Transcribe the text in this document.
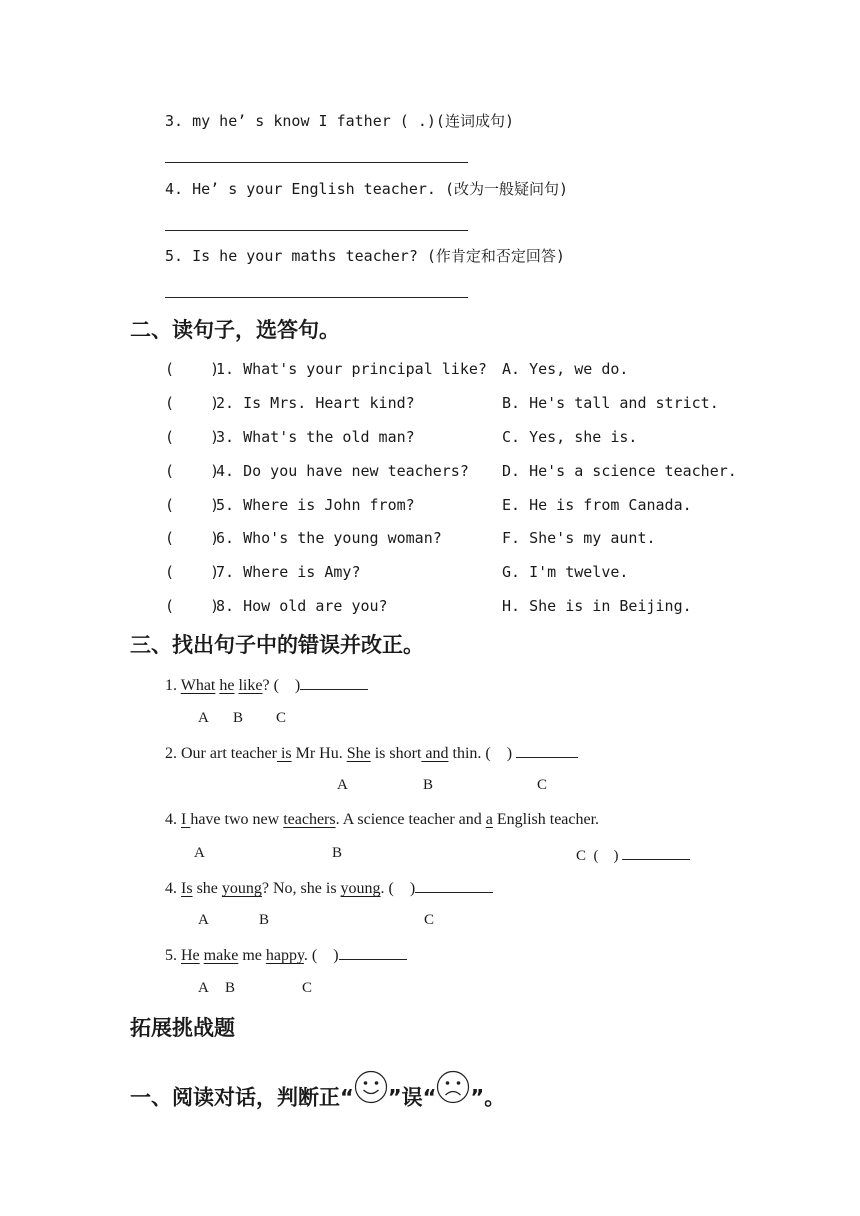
3. my he’ s know I father ( .)(连词成句)
4. He’ s your English teacher. (改为一般疑问句)
5. Is he your maths teacher? (作肯定和否定回答)
二、读句子，选答句。
(    )
1. What's your principal like? A. Yes, we do.
(    )
2. Is Mrs. Heart kind?	B. He's tall and strict.
(    )
3. What's the old man?	C. Yes, she is.
(    )
4. Do you have new teachers? D. He's a science teacher.
(    )
5. Where is John from?	E. He is from Canada.
(    )
6. Who's the young woman?	F. She's my aunt.
(    )
7. Where is Amy?	G. I'm twelve.
(    )
8. How old are you?	H. She is in Beijing.
三、找出句子中的错误并改正。
1. What he like? (    )
A B C
2. Our art teacher is Mr Hu. She is short and thin. (    )
A	B	C
4. I have two new teachers. A science teacher and a English teacher.
A	B	C  (    )
4. Is she young? No, she is young. (    )
A	B	C
5. He make me happy. (    )
A B	C
拓展挑战题
一、阅读对话，判断正“ ”误“ ”。
